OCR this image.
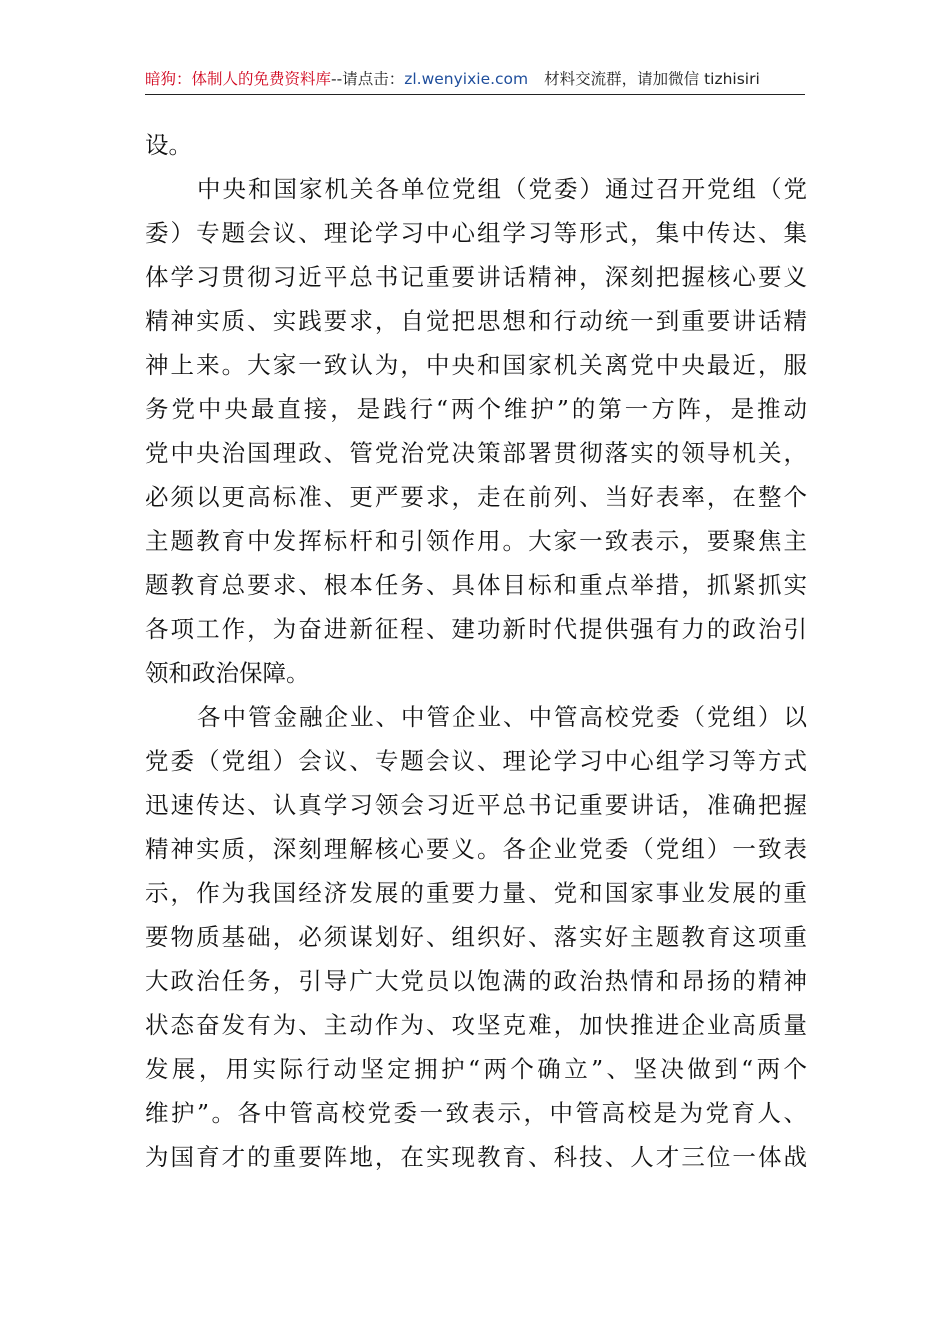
暗狗：体制人的免费资料库--请点击：zl.wenyixie.com 材料交流群，请加微信 tizhisiri
设。
中央和国家机关各单位党组（党委）通过召开党组（党
委）专题会议、理论学习中心组学习等形式，集中传达、集
体学习贯彻习近平总书记重要讲话精神，深刻把握核心要义
精神实质、实践要求，自觉把思想和行动统一到重要讲话精
神上来。大家一致认为，中央和国家机关离党中央最近，服
务党中央最直接，是践行“两个维护”的第一方阵，是推动
党中央治国理政、管党治党决策部署贯彻落实的领导机关，
必须以更高标准、更严要求，走在前列、当好表率，在整个
主题教育中发挥标杆和引领作用。大家一致表示，要聚焦主
题教育总要求、根本任务、具体目标和重点举措，抓紧抓实
各项工作，为奋进新征程、建功新时代提供强有力的政治引
领和政治保障。
各中管金融企业、中管企业、中管高校党委（党组）以
党委（党组）会议、专题会议、理论学习中心组学习等方式
迅速传达、认真学习领会习近平总书记重要讲话，准确把握
精神实质，深刻理解核心要义。各企业党委（党组）一致表
示，作为我国经济发展的重要力量、党和国家事业发展的重
要物质基础，必须谋划好、组织好、落实好主题教育这项重
大政治任务，引导广大党员以饱满的政治热情和昂扬的精神
状态奋发有为、主动作为、攻坚克难，加快推进企业高质量
发展，用实际行动坚定拥护“两个确立”、坚决做到“两个
维护”。各中管高校党委一致表示，中管高校是为党育人、
为国育才的重要阵地，在实现教育、科技、人才三位一体战
